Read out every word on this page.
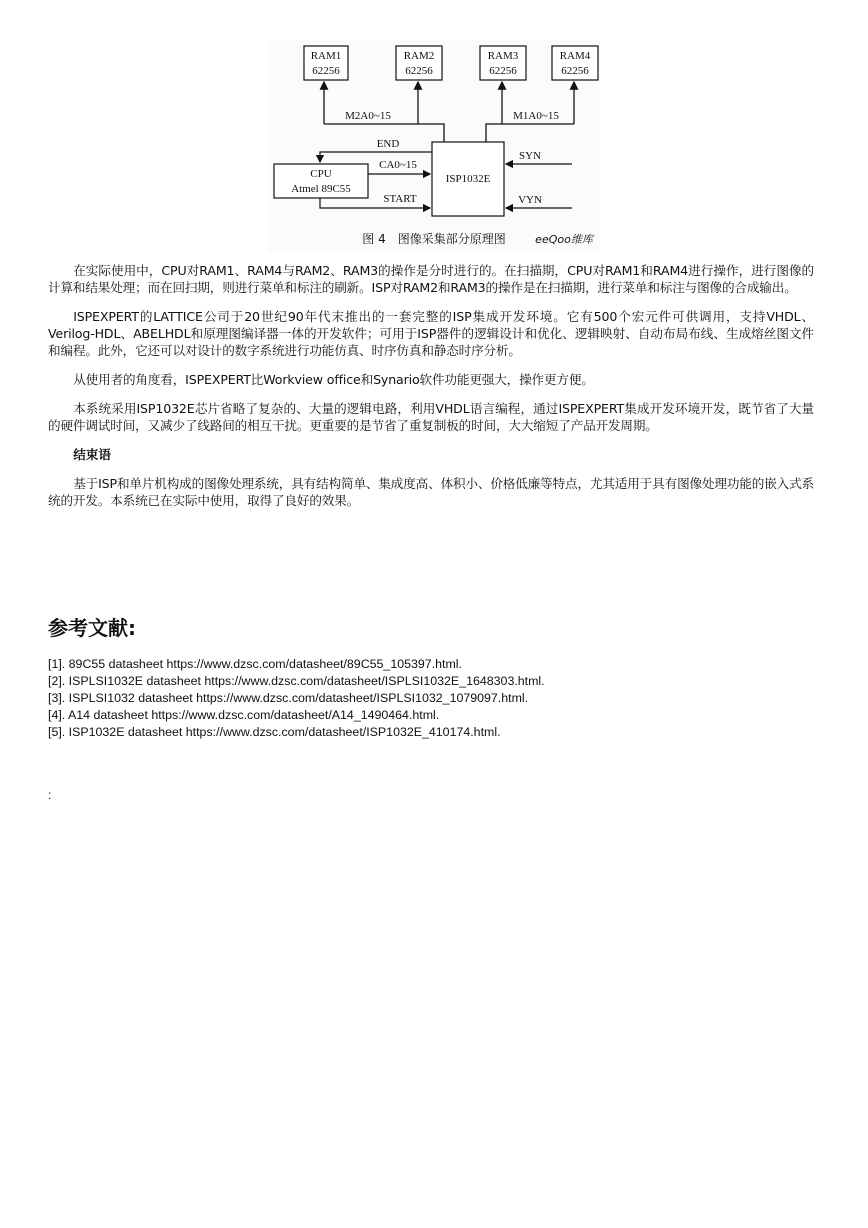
RAM1
62256
RAM2
62256
RAM3
62256
RAM4
62256
M2A0~15	M1A0~15
CPU
Atmel 89C55
ISP1032E
END
CA0~15
START
SYN
VYN
图 4　图像采集部分原理图	eeQoo维库

在实际使用中，CPU对RAM1、RAM4与RAM2、RAM3的操作是分时进行的。在扫描期，CPU对RAM1和RAM4进行操作，进行图像的计算和结果处理；而在回扫期，则进行菜单和标注的刷新。ISP对RAM2和RAM3的操作是在扫描期，进行菜单和标注与图像的合成输出。

ISPEXPERT的LATTICE公司于20世纪90年代末推出的一套完整的ISP集成开发环境。它有500个宏元件可供调用，支持VHDL、Verilog-HDL、ABELHDL和原理图编译器一体的开发软件；可用于ISP器件的逻辑设计和优化、逻辑映射、自动布局布线、生成熔丝图文件和编程。此外，它还可以对设计的数字系统进行功能仿真、时序仿真和静态时序分析。

从使用者的角度看，ISPEXPERT比Workview office和Synario软件功能更强大，操作更方便。

本系统采用ISP1032E芯片省略了复杂的、大量的逻辑电路，利用VHDL语言编程，通过ISPEXPERT集成开发环境开发，既节省了大量的硬件调试时间，又减少了线路间的相互干扰。更重要的是节省了重复制板的时间，大大缩短了产品开发周期。

结束语

基于ISP和单片机构成的图像处理系统，具有结构简单、集成度高、体积小、价格低廉等特点，尤其适用于具有图像处理功能的嵌入式系统的开发。本系统已在实际中使用，取得了良好的效果。

参考文献:
[1]. 89C55 datasheet https://www.dzsc.com/datasheet/89C55_105397.html.
[2]. ISPLSI1032E datasheet https://www.dzsc.com/datasheet/ISPLSI1032E_1648303.html.
[3]. ISPLSI1032 datasheet https://www.dzsc.com/datasheet/ISPLSI1032_1079097.html.
[4]. A14 datasheet https://www.dzsc.com/datasheet/A14_1490464.html.
[5]. ISP1032E datasheet https://www.dzsc.com/datasheet/ISP1032E_410174.html.
:
